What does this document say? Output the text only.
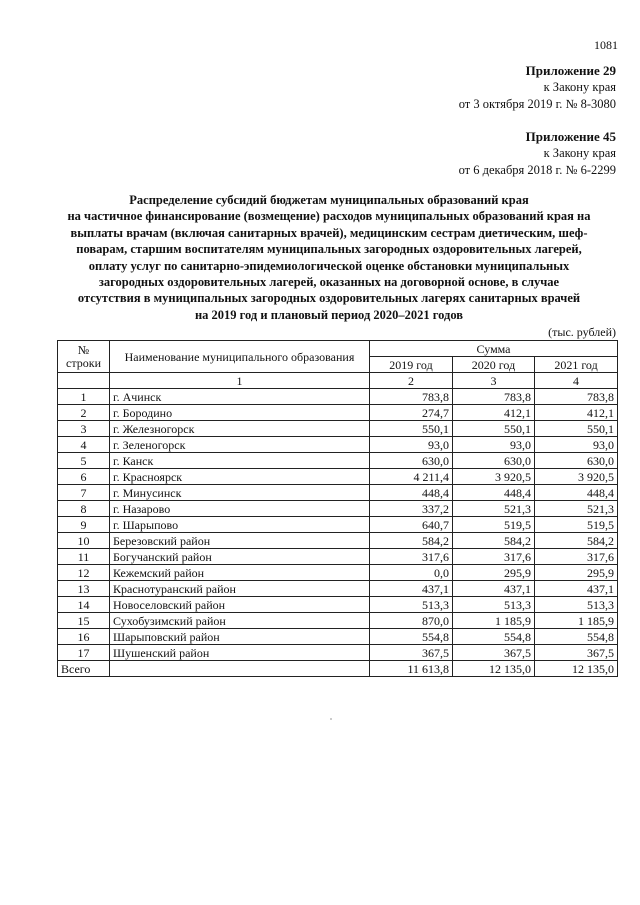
1081
Приложение 29
к Закону края
от 3 октября 2019 г. № 8-3080
Приложение 45
к Закону края
от 6 декабря 2018 г. № 6-2299
Распределение субсидий бюджетам муниципальных образований края
на частичное финансирование (возмещение) расходов муниципальных образований края на
выплаты врачам (включая санитарных врачей), медицинским сестрам диетическим, шеф-
поварам, старшим воспитателям муниципальных загородных оздоровительных лагерей,
оплату услуг по санитарно-эпидемиологической оценке обстановки муниципальных
загородных оздоровительных лагерей, оказанных на договорной основе, в случае
отсутствия в муниципальных загородных оздоровительных лагерях санитарных врачей
на 2019 год и плановый период 2020–2021 годов
(тыс. рублей)
№ строки	Наименование муниципального образования	Сумма		
		2019 год	2020 год	2021 год
	1	2	3	4
1	г. Ачинск	783,8	783,8	783,8
2	г. Бородино	274,7	412,1	412,1
3	г. Железногорск	550,1	550,1	550,1
4	г. Зеленогорск	93,0	93,0	93,0
5	г. Канск	630,0	630,0	630,0
6	г. Красноярск	4 211,4	3 920,5	3 920,5
7	г. Минусинск	448,4	448,4	448,4
8	г. Назарово	337,2	521,3	521,3
9	г. Шарыпово	640,7	519,5	519,5
10	Березовский район	584,2	584,2	584,2
11	Богучанский район	317,6	317,6	317,6
12	Кежемский район	0,0	295,9	295,9
13	Краснотуранский район	437,1	437,1	437,1
14	Новоселовский район	513,3	513,3	513,3
15	Сухобузимский район	870,0	1 185,9	1 185,9
16	Шарыповский район	554,8	554,8	554,8
17	Шушенский район	367,5	367,5	367,5
Всего		11 613,8	12 135,0	12 135,0
